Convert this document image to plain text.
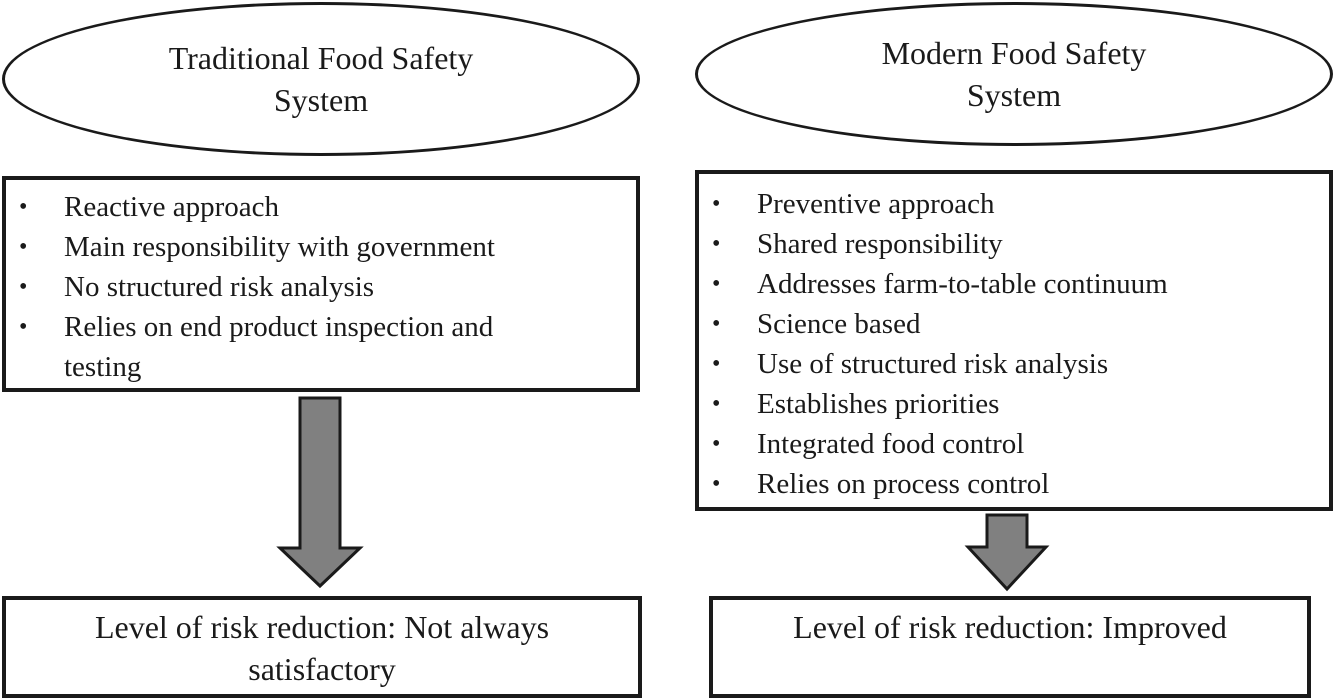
Traditional Food Safety
System
• Reactive approach
• Main responsibility with government
• No structured risk analysis
• Relies on end product inspection and testing
Level of risk reduction: Not always
satisfactory
Modern Food Safety
System
• Preventive approach
• Shared responsibility
• Addresses farm-to-table continuum
• Science based
• Use of structured risk analysis
• Establishes priorities
• Integrated food control
• Relies on process control
Level of risk reduction: Improved
